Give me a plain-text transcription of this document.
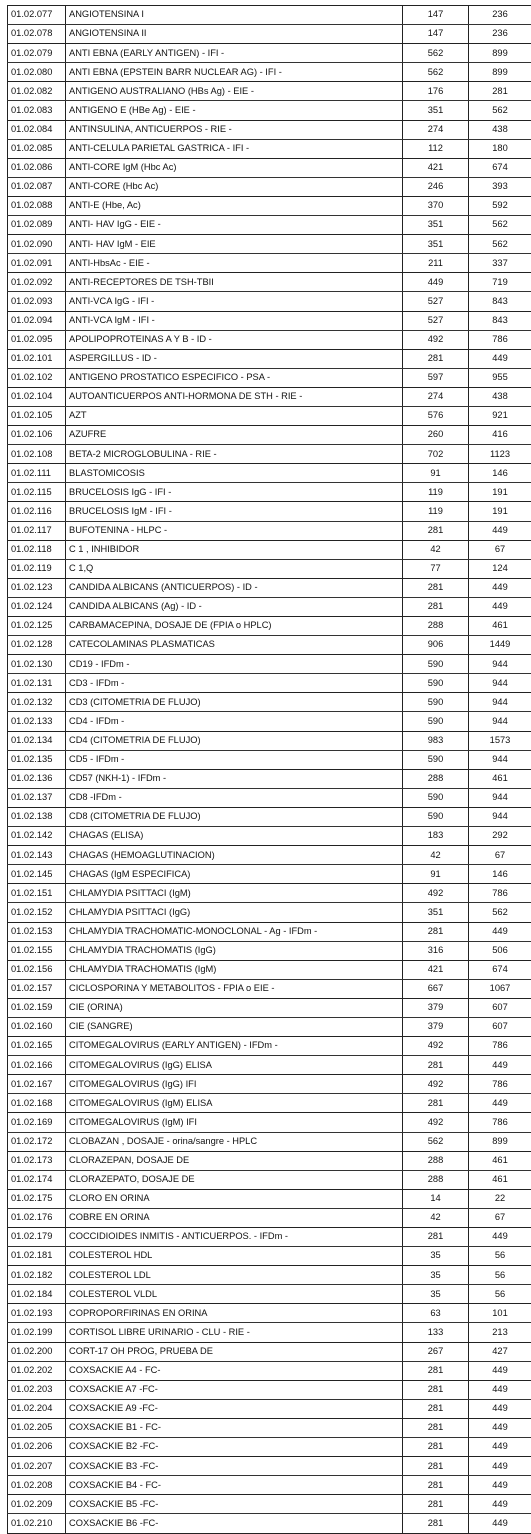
01.02.077	ANGIOTENSINA I	147	236
01.02.078	ANGIOTENSINA II	147	236
01.02.079	ANTI EBNA (EARLY ANTIGEN) - IFI -	562	899
01.02.080	ANTI EBNA (EPSTEIN BARR NUCLEAR AG) - IFI -	562	899
01.02.082	ANTIGENO AUSTRALIANO (HBs Ag) - EIE -	176	281
01.02.083	ANTIGENO E (HBe Ag) - EIE -	351	562
01.02.084	ANTINSULINA, ANTICUERPOS - RIE -	274	438
01.02.085	ANTI-CELULA PARIETAL GASTRICA - IFI -	112	180
01.02.086	ANTI-CORE IgM (Hbc Ac)	421	674
01.02.087	ANTI-CORE (Hbc Ac)	246	393
01.02.088	ANTI-E (Hbe, Ac)	370	592
01.02.089	ANTI- HAV IgG - EIE -	351	562
01.02.090	ANTI- HAV IgM - EIE	351	562
01.02.091	ANTI-HbsAc - EIE -	211	337
01.02.092	ANTI-RECEPTORES DE TSH-TBII	449	719
01.02.093	ANTI-VCA IgG - IFI -	527	843
01.02.094	ANTI-VCA IgM - IFI -	527	843
01.02.095	APOLIPOPROTEINAS A Y B - ID -	492	786
01.02.101	ASPERGILLUS - ID -	281	449
01.02.102	ANTIGENO PROSTATICO ESPECIFICO - PSA -	597	955
01.02.104	AUTOANTICUERPOS ANTI-HORMONA DE STH - RIE -	274	438
01.02.105	AZT	576	921
01.02.106	AZUFRE	260	416
01.02.108	BETA-2 MICROGLOBULINA - RIE -	702	1123
01.02.111	BLASTOMICOSIS	91	146
01.02.115	BRUCELOSIS IgG - IFI -	119	191
01.02.116	BRUCELOSIS IgM - IFI -	119	191
01.02.117	BUFOTENINA - HLPC -	281	449
01.02.118	C 1 , INHIBIDOR	42	67
01.02.119	C 1,Q	77	124
01.02.123	CANDIDA ALBICANS (ANTICUERPOS) - ID -	281	449
01.02.124	CANDIDA ALBICANS (Ag) - ID -	281	449
01.02.125	CARBAMACEPINA, DOSAJE DE (FPIA o HPLC)	288	461
01.02.128	CATECOLAMINAS PLASMATICAS	906	1449
01.02.130	CD19 - IFDm -	590	944
01.02.131	CD3 - IFDm -	590	944
01.02.132	CD3 (CITOMETRIA DE FLUJO)	590	944
01.02.133	CD4 - IFDm -	590	944
01.02.134	CD4 (CITOMETRIA DE FLUJO)	983	1573
01.02.135	CD5 - IFDm -	590	944
01.02.136	CD57 (NKH-1) - IFDm -	288	461
01.02.137	CD8 -IFDm -	590	944
01.02.138	CD8 (CITOMETRIA DE FLUJO)	590	944
01.02.142	CHAGAS (ELISA)	183	292
01.02.143	CHAGAS (HEMOAGLUTINACION)	42	67
01.02.145	CHAGAS (IgM ESPECIFICA)	91	146
01.02.151	CHLAMYDIA PSITTACI (IgM)	492	786
01.02.152	CHLAMYDIA PSITTACI (IgG)	351	562
01.02.153	CHLAMYDIA TRACHOMATIC-MONOCLONAL - Ag - IFDm -	281	449
01.02.155	CHLAMYDIA TRACHOMATIS (IgG)	316	506
01.02.156	CHLAMYDIA TRACHOMATIS (IgM)	421	674
01.02.157	CICLOSPORINA Y METABOLITOS - FPIA o EIE -	667	1067
01.02.159	CIE (ORINA)	379	607
01.02.160	CIE (SANGRE)	379	607
01.02.165	CITOMEGALOVIRUS (EARLY ANTIGEN) - IFDm -	492	786
01.02.166	CITOMEGALOVIRUS (IgG) ELISA	281	449
01.02.167	CITOMEGALOVIRUS (IgG) IFI	492	786
01.02.168	CITOMEGALOVIRUS (IgM) ELISA	281	449
01.02.169	CITOMEGALOVIRUS (IgM) IFI	492	786
01.02.172	CLOBAZAN , DOSAJE - orina/sangre - HPLC	562	899
01.02.173	CLORAZEPAN, DOSAJE DE	288	461
01.02.174	CLORAZEPATO, DOSAJE DE	288	461
01.02.175	CLORO EN ORINA	14	22
01.02.176	COBRE EN ORINA	42	67
01.02.179	COCCIDIOIDES INMITIS - ANTICUERPOS. - IFDm -	281	449
01.02.181	COLESTEROL HDL	35	56
01.02.182	COLESTEROL LDL	35	56
01.02.184	COLESTEROL VLDL	35	56
01.02.193	COPROPORFIRINAS EN ORINA	63	101
01.02.199	CORTISOL LIBRE URINARIO - CLU - RIE -	133	213
01.02.200	CORT-17 OH PROG, PRUEBA DE	267	427
01.02.202	COXSACKIE A4 - FC-	281	449
01.02.203	COXSACKIE A7 -FC-	281	449
01.02.204	COXSACKIE A9 -FC-	281	449
01.02.205	COXSACKIE B1 - FC-	281	449
01.02.206	COXSACKIE B2 -FC-	281	449
01.02.207	COXSACKIE B3 -FC-	281	449
01.02.208	COXSACKIE B4 - FC-	281	449
01.02.209	COXSACKIE B5 -FC-	281	449
01.02.210	COXSACKIE B6 -FC-	281	449
